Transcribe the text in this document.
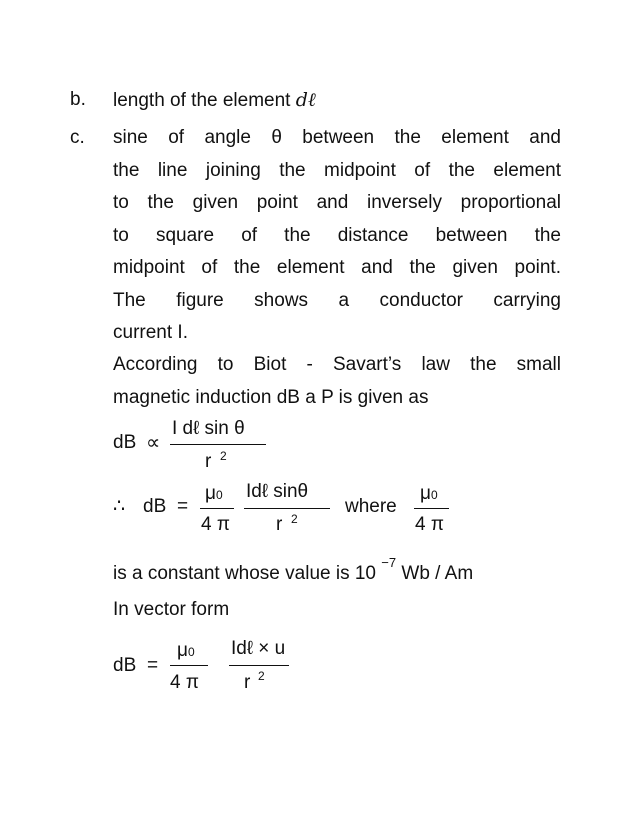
b. length of the element dℓ
c. sine of angle θ between the element and
the line joining the midpoint of the element
to the given point and inversely proportional
to square of the distance between the
midpoint of the element and the given point.
The figure shows a conductor carrying
current I.
According to Biot - Savart’s law the small
magnetic induction dB a P is given as
dB ∝
I dℓ sin θ
r 2
∴ dB =
μ0
4 π
Idℓ sinθ
r 2
where
μ0
4 π
is a constant whose value is 10 $^{-7}$ Wb / Am
In vector form
dB =
μ0
4 π
Idℓ × u
r 2
